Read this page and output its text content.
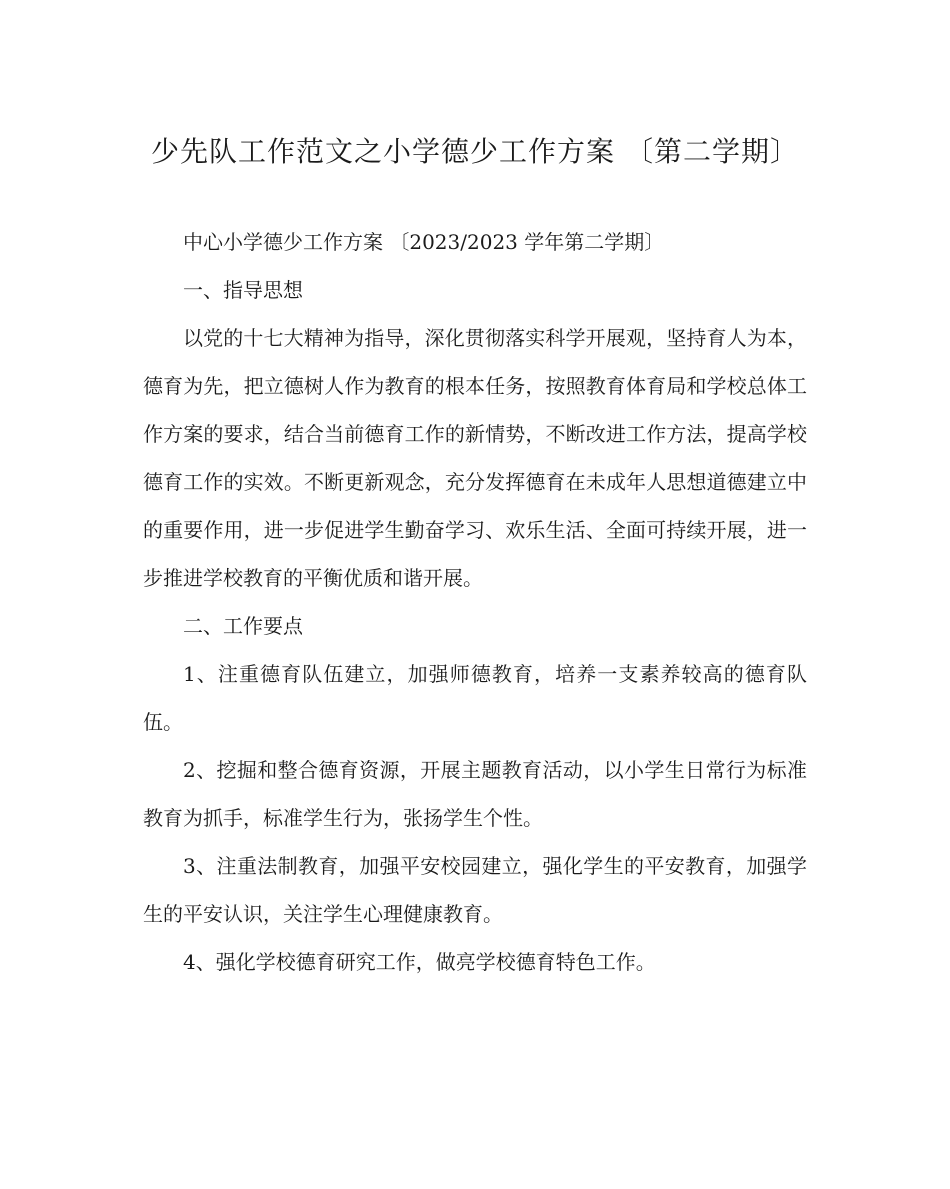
少先队工作范文之小学德少工作方案 〔第二学期〕

中心小学德少工作方案 〔2023/2023 学年第二学期〕

一、指导思想

以党的十七大精神为指导，深化贯彻落实科学开展观，坚持育人为本，德育为先，把立德树人作为教育的根本任务，按照教育体育局和学校总体工作方案的要求，结合当前德育工作的新情势，不断改进工作方法，提高学校德育工作的实效。不断更新观念，充分发挥德育在未成年人思想道德建立中的重要作用，进一步促进学生勤奋学习、欢乐生活、全面可持续开展，进一步推进学校教育的平衡优质和谐开展。

二、工作要点

1、注重德育队伍建立，加强师德教育，培养一支素养较高的德育队伍。

2、挖掘和整合德育资源，开展主题教育活动，以小学生日常行为标准教育为抓手，标准学生行为，张扬学生个性。

3、注重法制教育，加强平安校园建立，强化学生的平安教育，加强学生的平安认识，关注学生心理健康教育。

4、强化学校德育研究工作，做亮学校德育特色工作。
